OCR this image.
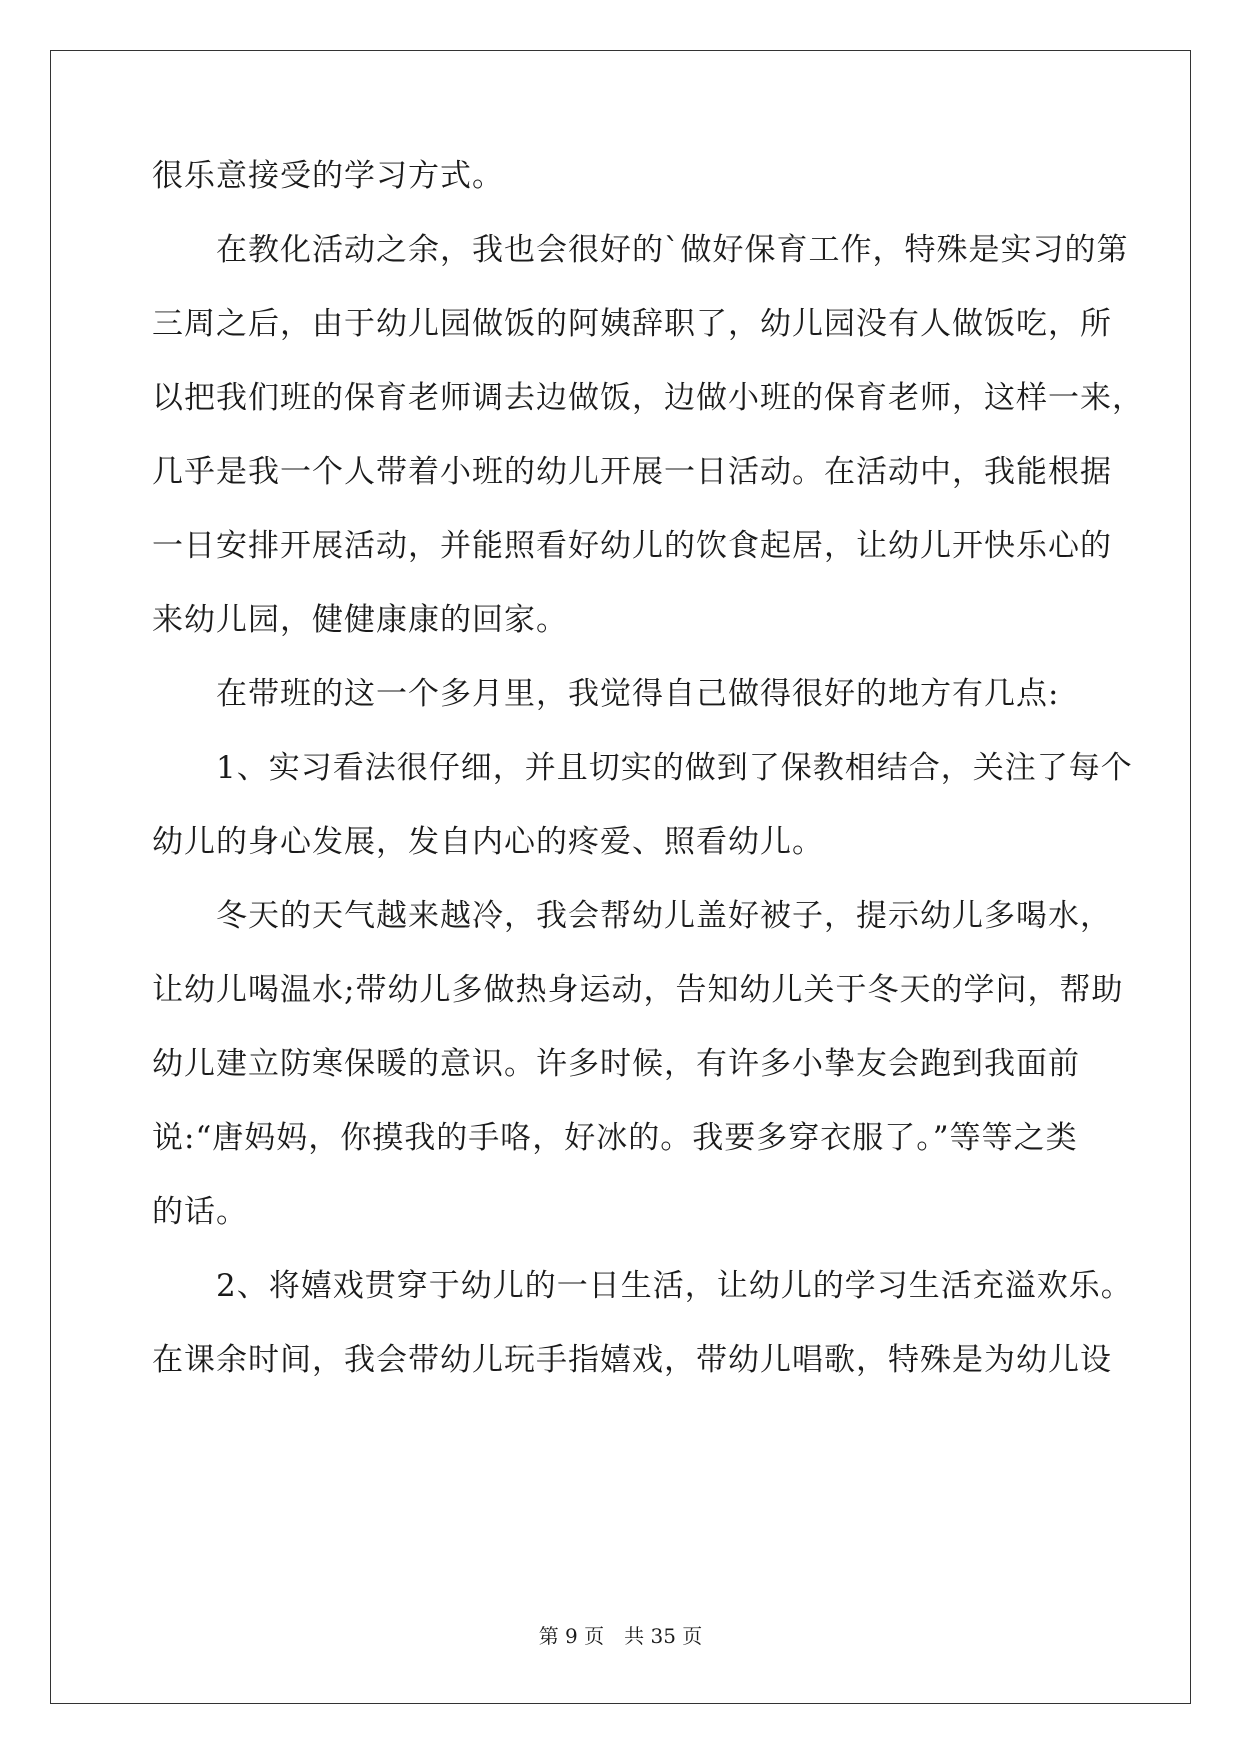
很乐意接受的学习方式。
在教化活动之余，我也会很好的`做好保育工作，特殊是实习的第
三周之后，由于幼儿园做饭的阿姨辞职了，幼儿园没有人做饭吃，所
以把我们班的保育老师调去边做饭，边做小班的保育老师，这样一来，
几乎是我一个人带着小班的幼儿开展一日活动。在活动中，我能根据
一日安排开展活动，并能照看好幼儿的饮食起居，让幼儿开快乐心的
来幼儿园，健健康康的回家。
在带班的这一个多月里，我觉得自己做得很好的地方有几点:
1、实习看法很仔细，并且切实的做到了保教相结合，关注了每个
幼儿的身心发展，发自内心的疼爱、照看幼儿。
冬天的天气越来越冷，我会帮幼儿盖好被子，提示幼儿多喝水，
让幼儿喝温水;带幼儿多做热身运动，告知幼儿关于冬天的学问，帮助
幼儿建立防寒保暖的意识。许多时候，有许多小挚友会跑到我面前
说:“唐妈妈，你摸我的手咯，好冰的。我要多穿衣服了。”等等之类
的话。
2、将嬉戏贯穿于幼儿的一日生活，让幼儿的学习生活充溢欢乐。
在课余时间，我会带幼儿玩手指嬉戏，带幼儿唱歌，特殊是为幼儿设
第 9 页　共 35 页
